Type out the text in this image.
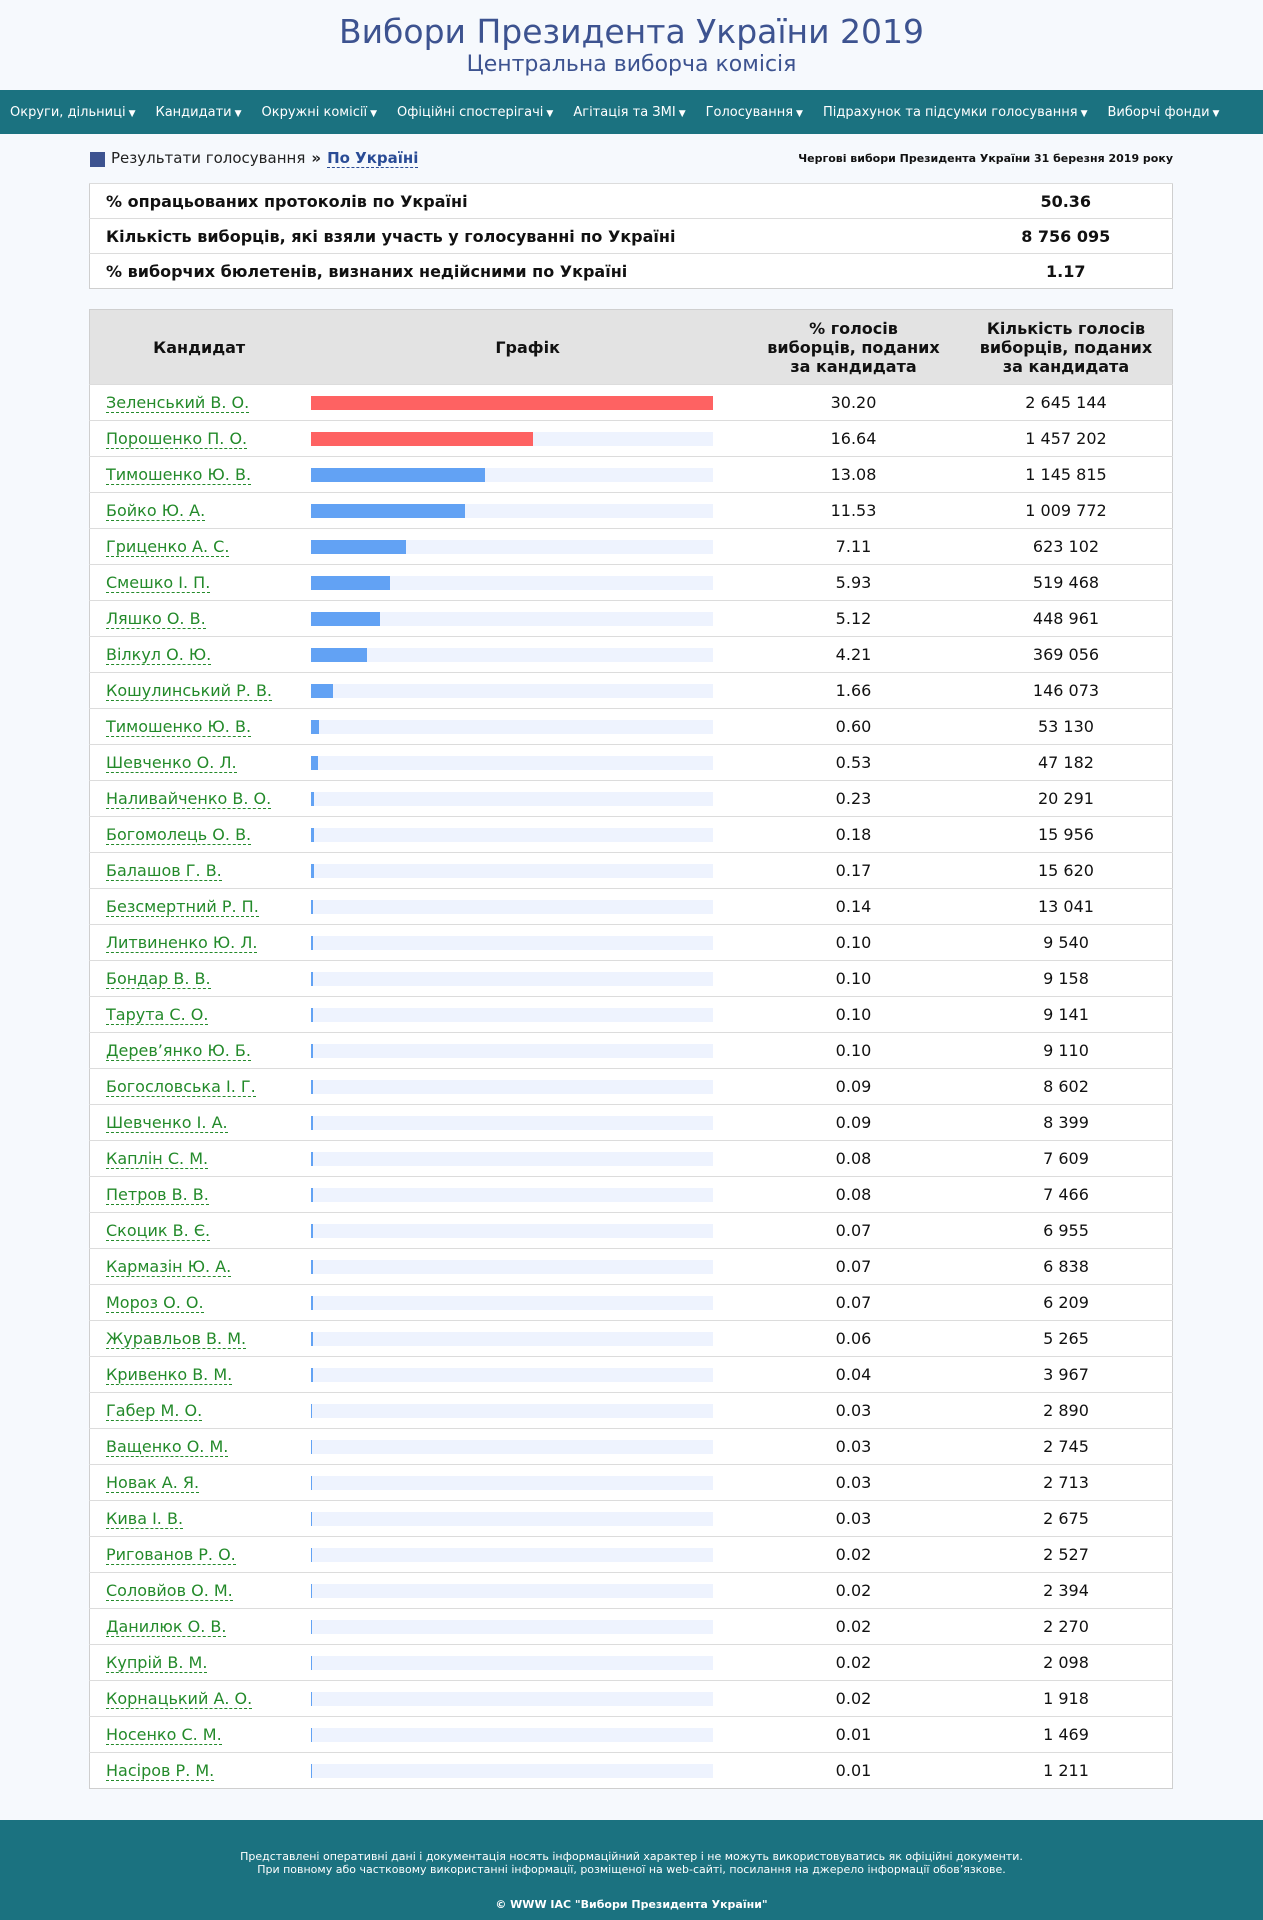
Вибори Президента України 2019
Центральна виборча комісія
Округи, дільниці ▼ Кандидати ▼ Окружні комісії ▼ Офіційні спостерігачі ▼ Агітація та ЗМІ ▼ Голосування ▼ Підрахунок та підсумки голосування ▼ Виборчі фонди ▼
Результати голосування » По Україні	Чергові вибори Президента України 31 березня 2019 року
% опрацьованих протоколів по Україні	50.36
Кількість виборців, які взяли участь у голосуванні по Україні	8 756 095
% виборчих бюлетенів, визнаних недійсними по Україні	1.17
Кандидат	Графік	% голосів
виборців, поданих
за кандидата	Кількість голосів
виборців, поданих
за кандидата
Зеленський В. О.		30.20	2 645 144
Порошенко П. О.		16.64	1 457 202
Тимошенко Ю. В.		13.08	1 145 815
Бойко Ю. А.		11.53	1 009 772
Гриценко А. С.		7.11	623 102
Смешко І. П.		5.93	519 468
Ляшко О. В.		5.12	448 961
Вілкул О. Ю.		4.21	369 056
Кошулинський Р. В.		1.66	146 073
Тимошенко Ю. В.		0.60	53 130
Шевченко О. Л.		0.53	47 182
Наливайченко В. О.		0.23	20 291
Богомолець О. В.		0.18	15 956
Балашов Г. В.		0.17	15 620
Безсмертний Р. П.		0.14	13 041
Литвиненко Ю. Л.		0.10	9 540
Бондар В. В.		0.10	9 158
Тарута С. О.		0.10	9 141
Дерев’янко Ю. Б.		0.10	9 110
Богословська І. Г.		0.09	8 602
Шевченко І. А.		0.09	8 399
Каплін С. М.		0.08	7 609
Петров В. В.		0.08	7 466
Скоцик В. Є.		0.07	6 955
Кармазін Ю. А.		0.07	6 838
Мороз О. О.		0.07	6 209
Журавльов В. М.		0.06	5 265
Кривенко В. М.		0.04	3 967
Габер М. О.		0.03	2 890
Ващенко О. М.		0.03	2 745
Новак А. Я.		0.03	2 713
Кива І. В.		0.03	2 675
Ригованов Р. О.		0.02	2 527
Соловйов О. М.		0.02	2 394
Данилюк О. В.		0.02	2 270
Купрій В. М.		0.02	2 098
Корнацький А. О.		0.02	1 918
Носенко С. М.		0.01	1 469
Насіров Р. М.		0.01	1 211
Представлені оперативні дані і документація носять інформаційний характер і не можуть використовуватись як офіційні документи.
При повному або частковому використанні інформації, розміщеної на web-сайті, посилання на джерело інформації обов’язкове.
© WWW ІАС "Вибори Президента України"
